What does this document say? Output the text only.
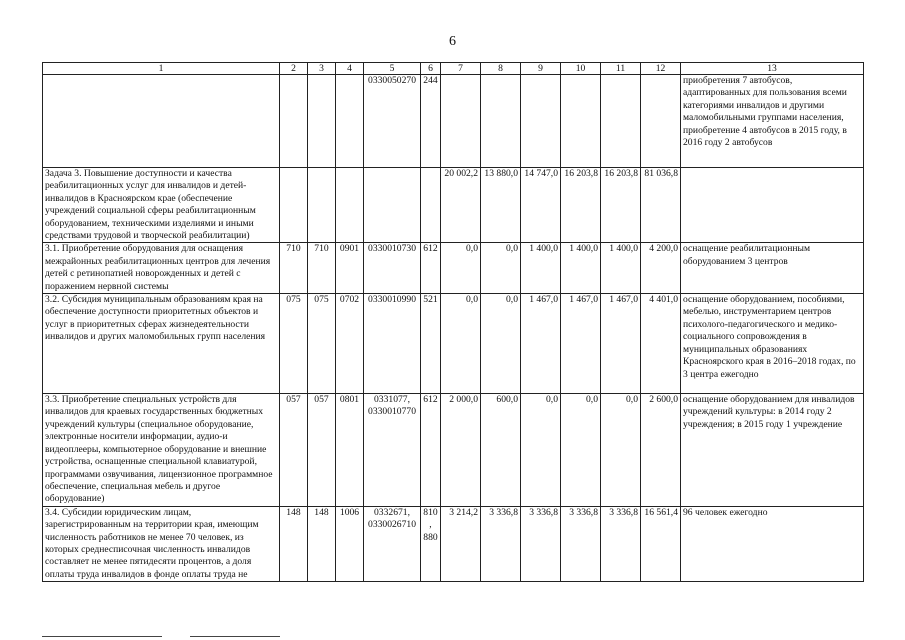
6
1	2	3	4	5	6	7	8	9	10	11	12	13
				0330050270	244							приобретения 7 автобусов, адаптированных для пользования всеми категориями инвалидов и другими маломобильными группами населения, приобретение 4 автобусов в 2015 году, в 2016 году 2 автобусов
Задача 3. Повышение доступности и качества реабилитационных услуг для инвалидов и детей-инвалидов в Красноярском крае (обеспечение учреждений социальной сферы реабилитационным оборудованием, техническими изделиями и иными средствами трудовой и творческой реабилитации)						20 002,2	13 880,0	14 747,0	16 203,8	16 203,8	81 036,8	
3.1. Приобретение оборудования для оснащения межрайонных реабилитационных центров для лечения детей с ретинопатией новорожденных и детей с поражением нервной системы	710	710	0901	0330010730	612	0,0	0,0	1 400,0	1 400,0	1 400,0	4 200,0	оснащение реабилитационным оборудованием 3 центров
3.2. Субсидия муниципальным образованиям края на обеспечение доступности приоритетных объектов и услуг в приоритетных сферах жизнедеятельности инвалидов и других маломобильных групп населения	075	075	0702	0330010990	521	0,0	0,0	1 467,0	1 467,0	1 467,0	4 401,0	оснащение оборудованием, пособиями, мебелью, инструментарием центров психолого-педагогического и медико-социального сопровождения в муниципальных образованиях Красноярского края в 2016–2018 годах, по 3 центра ежегодно
3.3. Приобретение специальных устройств для инвалидов для краевых государственных бюджетных учреждений культуры (специальное оборудование, электронные носители информации, аудио-и видеоплееры, компьютерное оборудование и внешние устройства, оснащенные специальной клавиатурой, программами озвучивания, лицензионное программное обеспечение, специальная мебель и другое оборудование)	057	057	0801	0331077, 0330010770	612	2 000,0	600,0	0,0	0,0	0,0	2 600,0	оснащение оборудованием для инвалидов учреждений культуры: в 2014 году 2 учреждения; в 2015 году 1 учреждение
3.4. Субсидии юридическим лицам, зарегистрированным на территории края, имеющим численность работников не менее 70 человек, из которых среднесписочная численность инвалидов составляет не менее пятидесяти процентов, а доля оплаты труда инвалидов в фонде оплаты труда не	148	148	1006	0332671, 0330026710	810, 880	3 214,2	3 336,8	3 336,8	3 336,8	3 336,8	16 561,4	96 человек ежегодно
